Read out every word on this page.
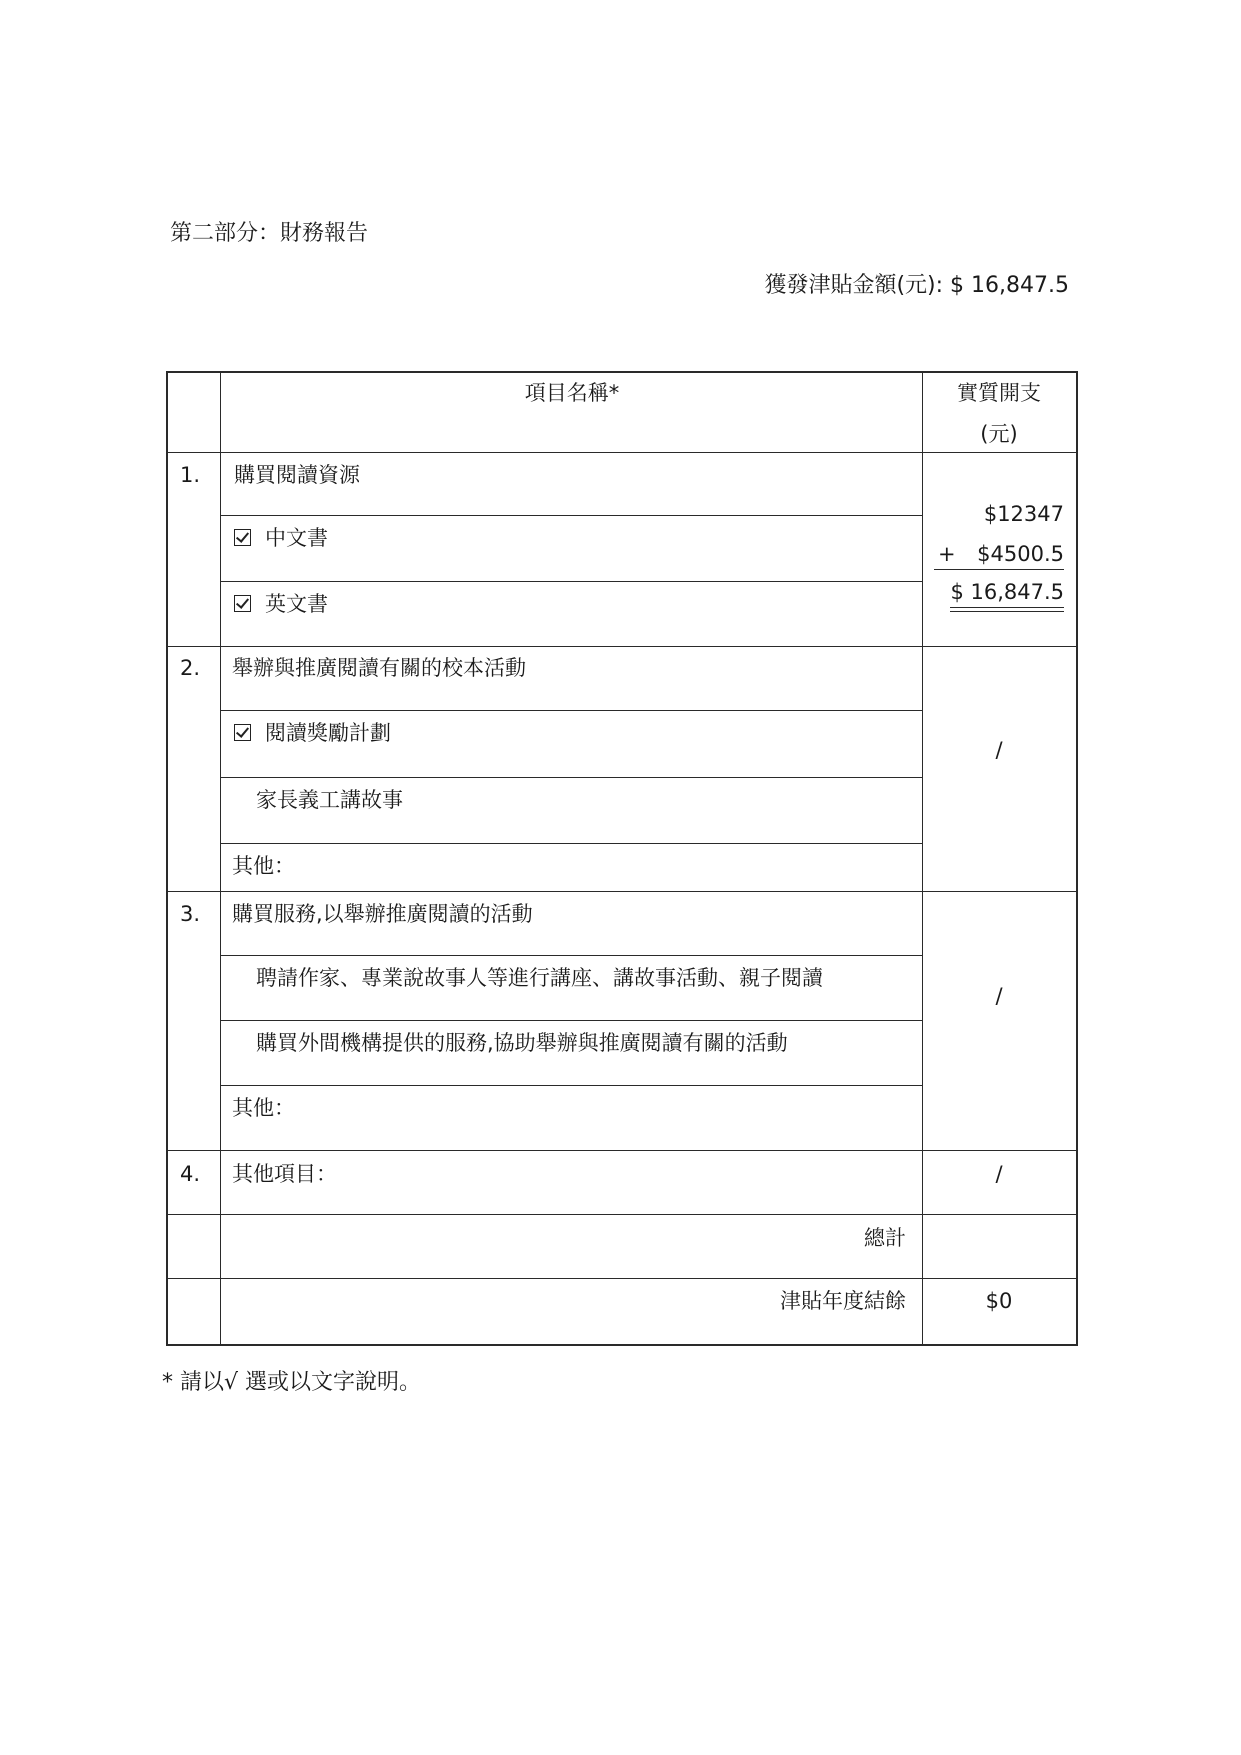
第二部分：財務報告
獲發津貼金額(元): $ 16,847.5
項目名稱*	實質開支
(元)
1. 購買閱讀資源
中文書
英文書
$12347
+ $4500.5
$ 16,847.5
2. 舉辦與推廣閱讀有關的校本活動
閱讀獎勵計劃
家長義工講故事
其他：
/
3. 購買服務,以舉辦推廣閱讀的活動
聘請作家、專業說故事人等進行講座、講故事活動、親子閱讀
購買外間機構提供的服務,協助舉辦與推廣閱讀有關的活動
其他：
/
4. 其他項目：	/
總計
津貼年度結餘	$0
* 請以√ 選或以文字說明。
